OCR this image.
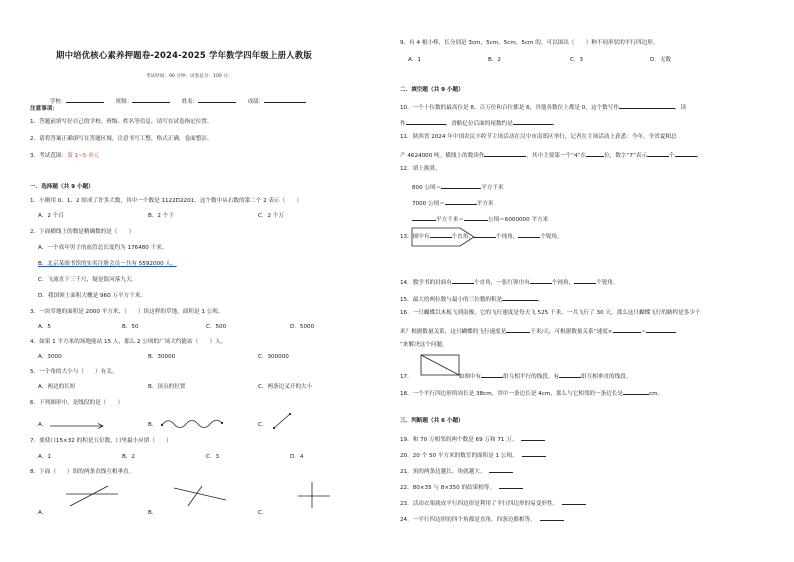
期中培优核心素养押题卷-2024-2025 学年数学四年级上册人教版
考试时间：90 分钟；试卷总分：100 分；
学校：	班级：	姓名：	成绩：
注意事项：
1．答题前填写好自己的学校、班级、姓名等信息，请写在试卷指定位置。
2．请将答案正确填写在答题区域，注意书写工整，格式正确，卷面整洁。
3．考试范围：第 1~5 单元
一．选择题（共 9 小题）
1．小刚用 0、1、2 组成了许多大数，其中一个数是 1122D2201，这个数中从右数的第二个 2 表示（　　）
A．2 个百	B．2 个千	C．2 个万
2．下面横线上的数是精确数的是（　　）
A．一个成年男子的血管总长度约为 176480 千米。
B．北京某图书馆的实名注册会员一共有 5592000 人。
C．飞流直下三千尺，疑是银河落九天。
D．我国领土面积大概是 960 万平方千米。
3．一块草地的面积是 2000 平方米，（　　）块这样的草地，面积是 1 公顷。
A．5	B．50	C．500	D．5000
4．如果 1 平方米的场地能站 15 人，那么 2 公顷的广场大约能站（　　）人。
A．3000	B．30000	C．300000
5．一个角的大小与（　　）有关。
A．两边的长短	B．顶点的位置	C．两条边叉开的大小
6．下列图形中，是线段的是（　　）
A．	B．	C．
7．要使口15×32 的积是五位数，口里最小应填（　　）
A．1	B．2	C．3	D．4
8．下面（　　）组的两条直线互相垂直。
A．	B．	C．
9．有 4 根小棒，长分别是 3cm，5cm，5cm，5cm 的，可以围出（　　）种不同形状的平行四边形。
A．1	B．2	C．3	D．无数
二．填空题（共 9 小题）
10．一个十位数的最高位是 8，百万位和百位都是 6，其他各数位上都是 0，这个数写作	，读
作	，省略亿位后面的尾数约是	。
11．陕西省 2024 年中国农民丰收节主场活动在汉中市南郑区举行，记者在主场活动上获悉：今年，全省夏粮总
产 4624000 吨。横线上的数读作	，其中主要第一个“4”在	位，数字“7”表示	个	。
12．填上换算。
800 公顷＝	平方千米
7000 公顷＝	平方米
平方千米＝	公顷＝6000000 平方米
13．图中有	个直角，	个钝角，	个锐角。
14．数学书的封面有	个直角，一张红领巾有	个钝角，	个锐角。
15．最大的两位数与最小的三位数的积是	。
16．一只蝴蝶以木板飞到南极，它的飞行速度是每天飞 525 千米，一共飞行了 30 天，那么这只蝴蝶飞行的路程是多少千
米？根据数量关系，这只蝴蝶的飞行速度是	千米/天，可根据数量关系“速度×	＝
”来解决这个问题。
17．	如图中有	组互相平行的线段，有	组互相垂直的线段。
18．一个平行四边形的周长是 38cm，其中一条边长是 4cm，那么与它相邻的一条边长是	cm。
三．判断题（共 6 小题）
19．和 70 万相邻的两个数是 69 万和 71 万。
20．20 个 50 平方米的数室的面积是 1 公顷。
21．角的两条边越长，角就越大。
22．80×35 与 8×350 的结果相等。
23．活动衣架就成平行四边形是利用了平行四边形的易变形性。
24．一平行四边形的四个角都是直角，四条边都相等。
